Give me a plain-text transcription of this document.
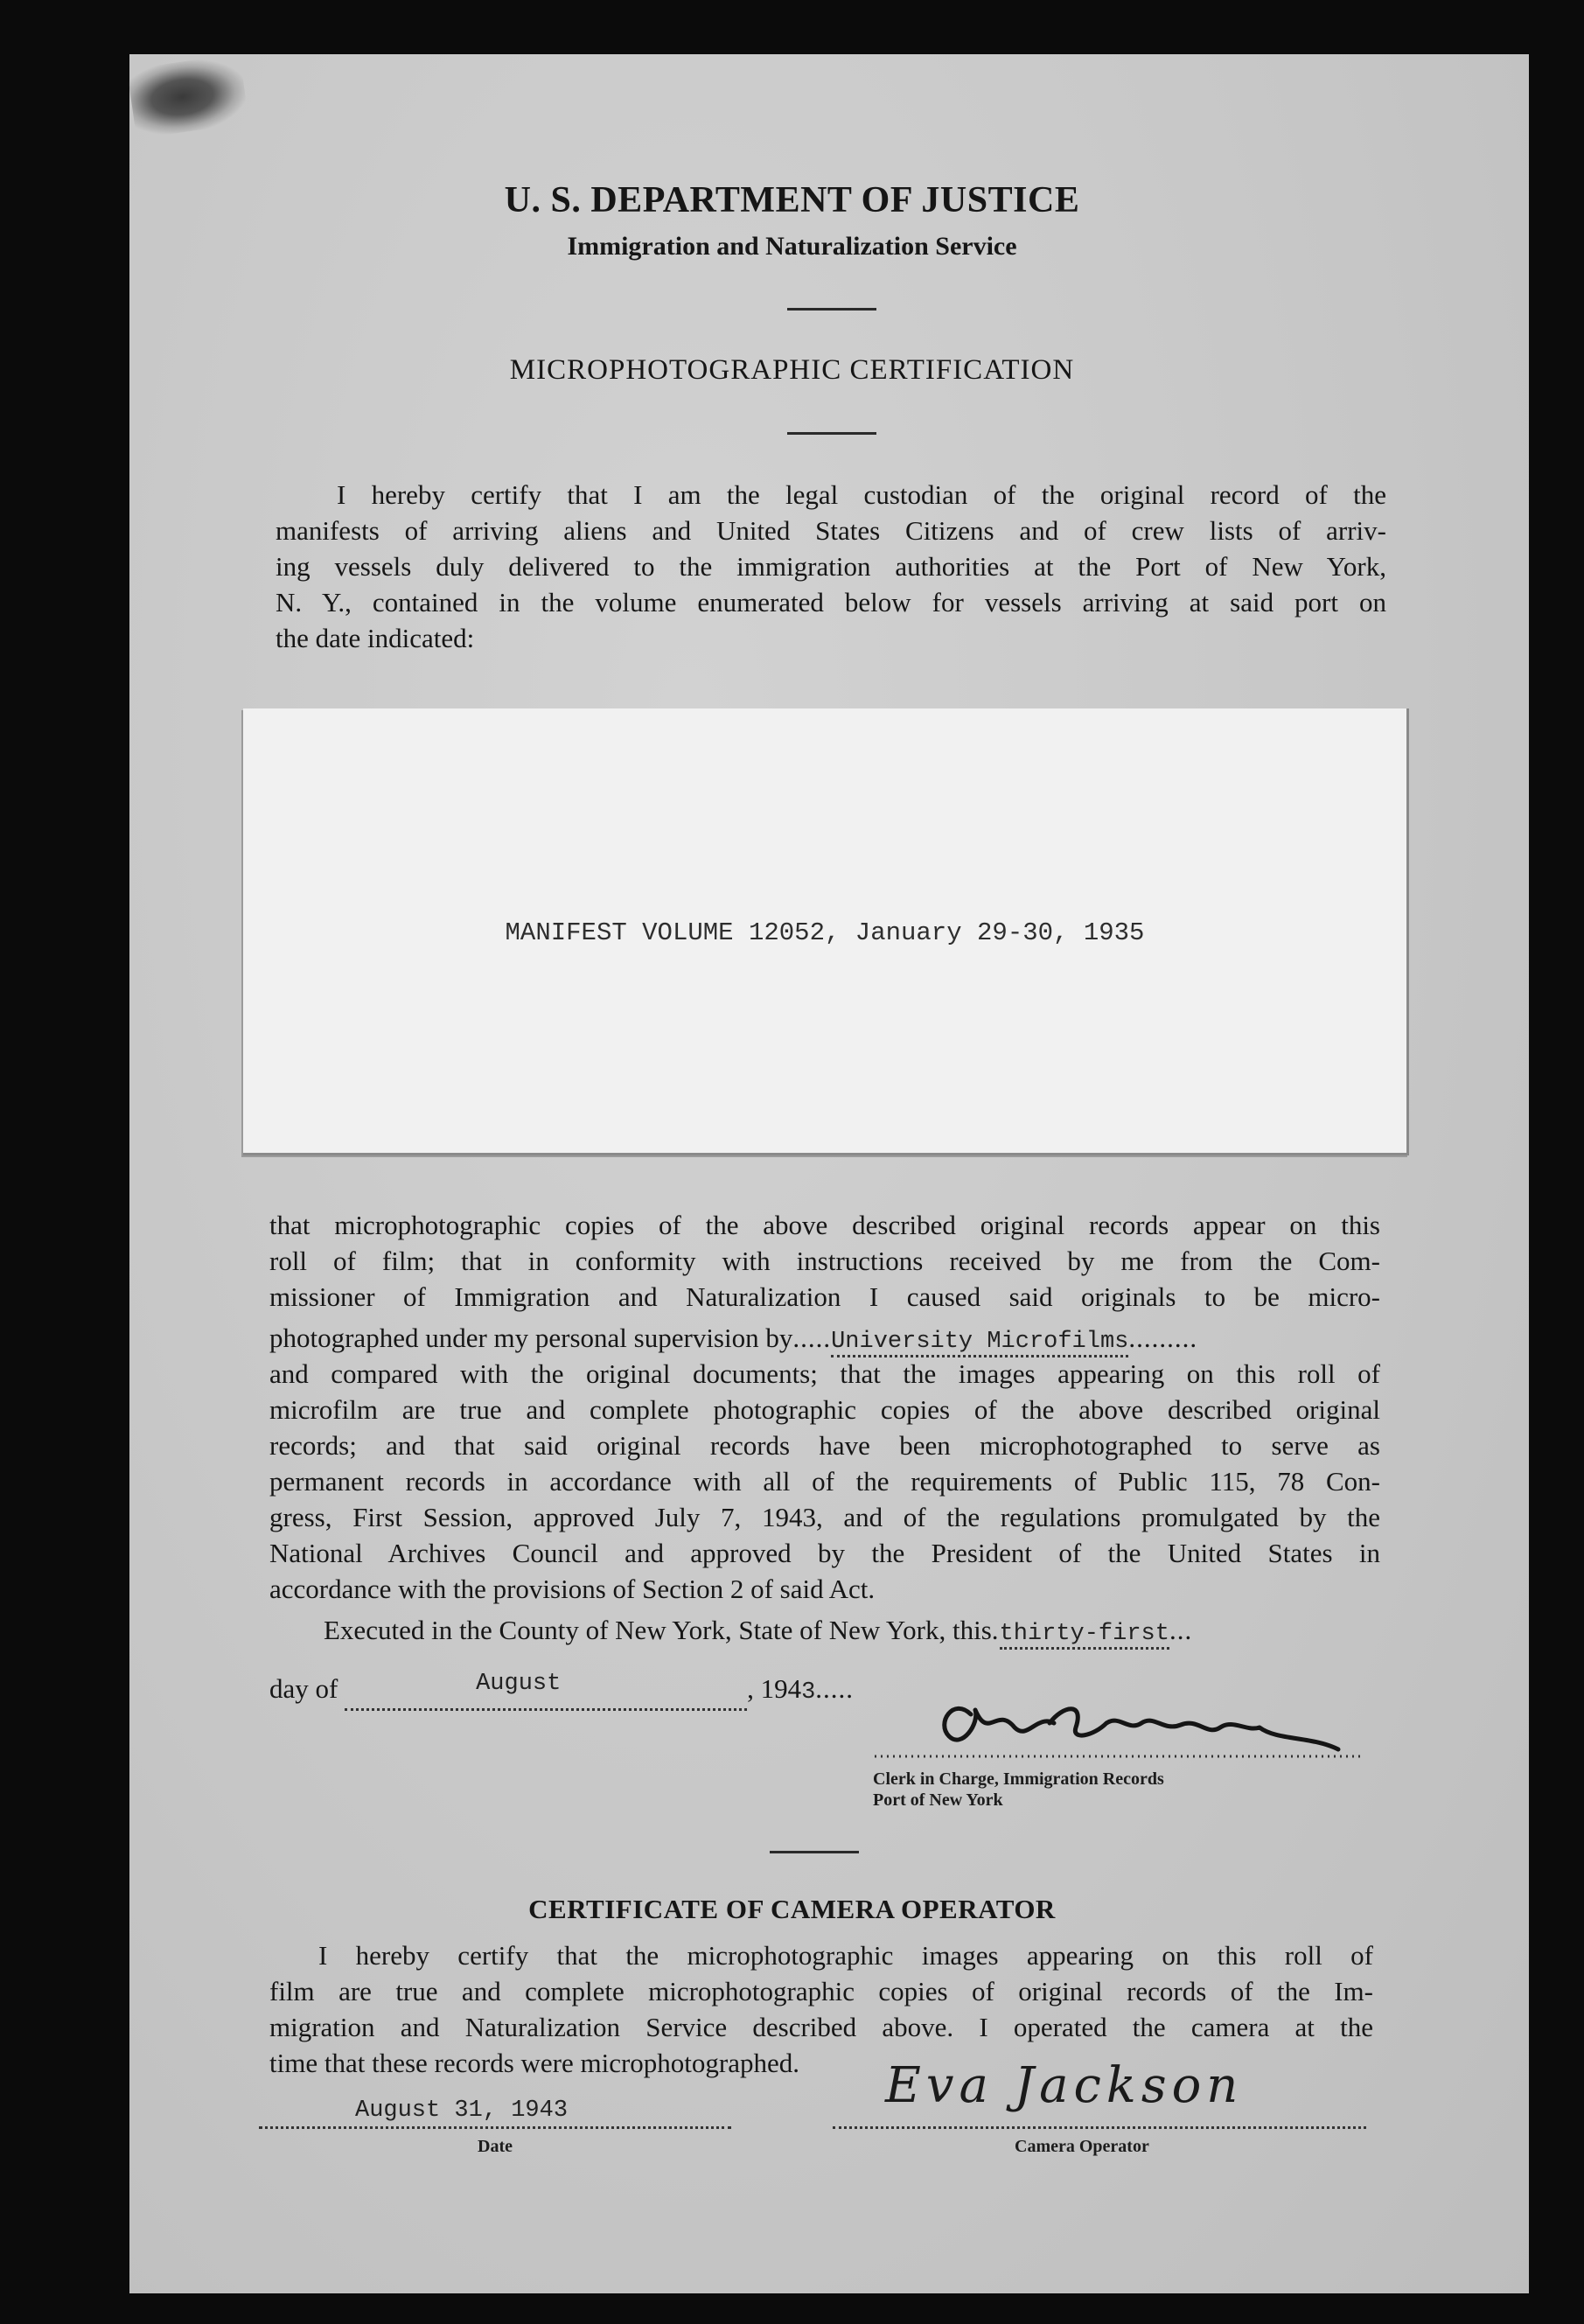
U. S. DEPARTMENT OF JUSTICE
Immigration and Naturalization Service
MICROPHOTOGRAPHIC CERTIFICATION
I hereby certify that I am the legal custodian of the original record of the
manifests of arriving aliens and United States Citizens and of crew lists of arriv-
ing vessels duly delivered to the immigration authorities at the Port of New York,
N. Y., contained in the volume enumerated below for vessels arriving at said port on
the date indicated:
MANIFEST VOLUME 12052, January 29-30, 1935
that microphotographic copies of the above described original records appear on this
roll of film; that in conformity with instructions received by me from the Com-
missioner of Immigration and Naturalization I caused said originals to be micro-
photographed under my personal supervision by.....University Microfilms.........
and compared with the original documents; that the images appearing on this roll of
microfilm are true and complete photographic copies of the above described original
records; and that said original records have been microphotographed to serve as
permanent records in accordance with all of the requirements of Public 115, 78 Con-
gress, First Session, approved July 7, 1943, and of the regulations promulgated by the
National Archives Council and approved by the President of the United States in
accordance with the provisions of Section 2 of said Act.
Executed in the County of New York, State of New York, this.thirty-first...
day of	August	, 1943.....
Clerk in Charge, Immigration Records
Port of New York
CERTIFICATE OF CAMERA OPERATOR
I hereby certify that the microphotographic images appearing on this roll of
film are true and complete microphotographic copies of original records of the Im-
migration and Naturalization Service described above. I operated the camera at the
time that these records were microphotographed.
August 31, 1943
Date
Eva Jackson
Camera Operator
